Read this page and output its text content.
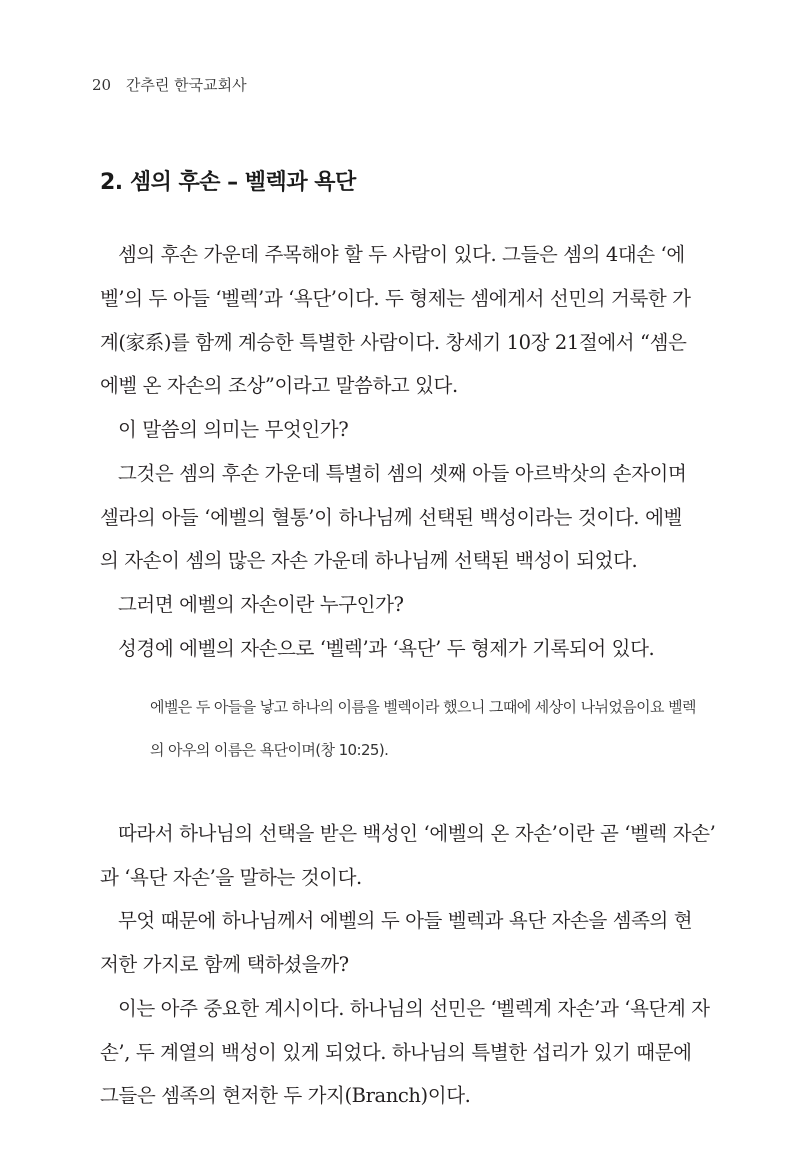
20 간추린 한국교회사
2. 셈의 후손 – 벨렉과 욕단

셈의 후손 가운데 주목해야 할 두 사람이 있다. 그들은 셈의 4대손 ‘에

벨’의 두 아들 ‘벨렉’과 ‘욕단’이다. 두 형제는 셈에게서 선민의 거룩한 가

계(家系)를 함께 계승한 특별한 사람이다. 창세기 10장 21절에서 “셈은

에벨 온 자손의 조상”이라고 말씀하고 있다.

이 말씀의 의미는 무엇인가?

그것은 셈의 후손 가운데 특별히 셈의 셋째 아들 아르박삿의 손자이며

셀라의 아들 ‘에벨의 혈통’이 하나님께 선택된 백성이라는 것이다. 에벨

의 자손이 셈의 많은 자손 가운데 하나님께 선택된 백성이 되었다.

그러면 에벨의 자손이란 누구인가?

성경에 에벨의 자손으로 ‘벨렉’과 ‘욕단’ 두 형제가 기록되어 있다.

에벨은 두 아들을 낳고 하나의 이름을 벨렉이라 했으니 그때에 세상이 나뉘었음이요 벨렉

의 아우의 이름은 욕단이며(창 10:25).

따라서 하나님의 선택을 받은 백성인 ‘에벨의 온 자손’이란 곧 ‘벨렉 자손’

과 ‘욕단 자손’을 말하는 것이다.

무엇 때문에 하나님께서 에벨의 두 아들 벨렉과 욕단 자손을 셈족의 현

저한 가지로 함께 택하셨을까?

이는 아주 중요한 계시이다. 하나님의 선민은 ‘벨렉계 자손’과 ‘욕단계 자

손’, 두 계열의 백성이 있게 되었다. 하나님의 특별한 섭리가 있기 때문에

그들은 셈족의 현저한 두 가지(Branch)이다.
